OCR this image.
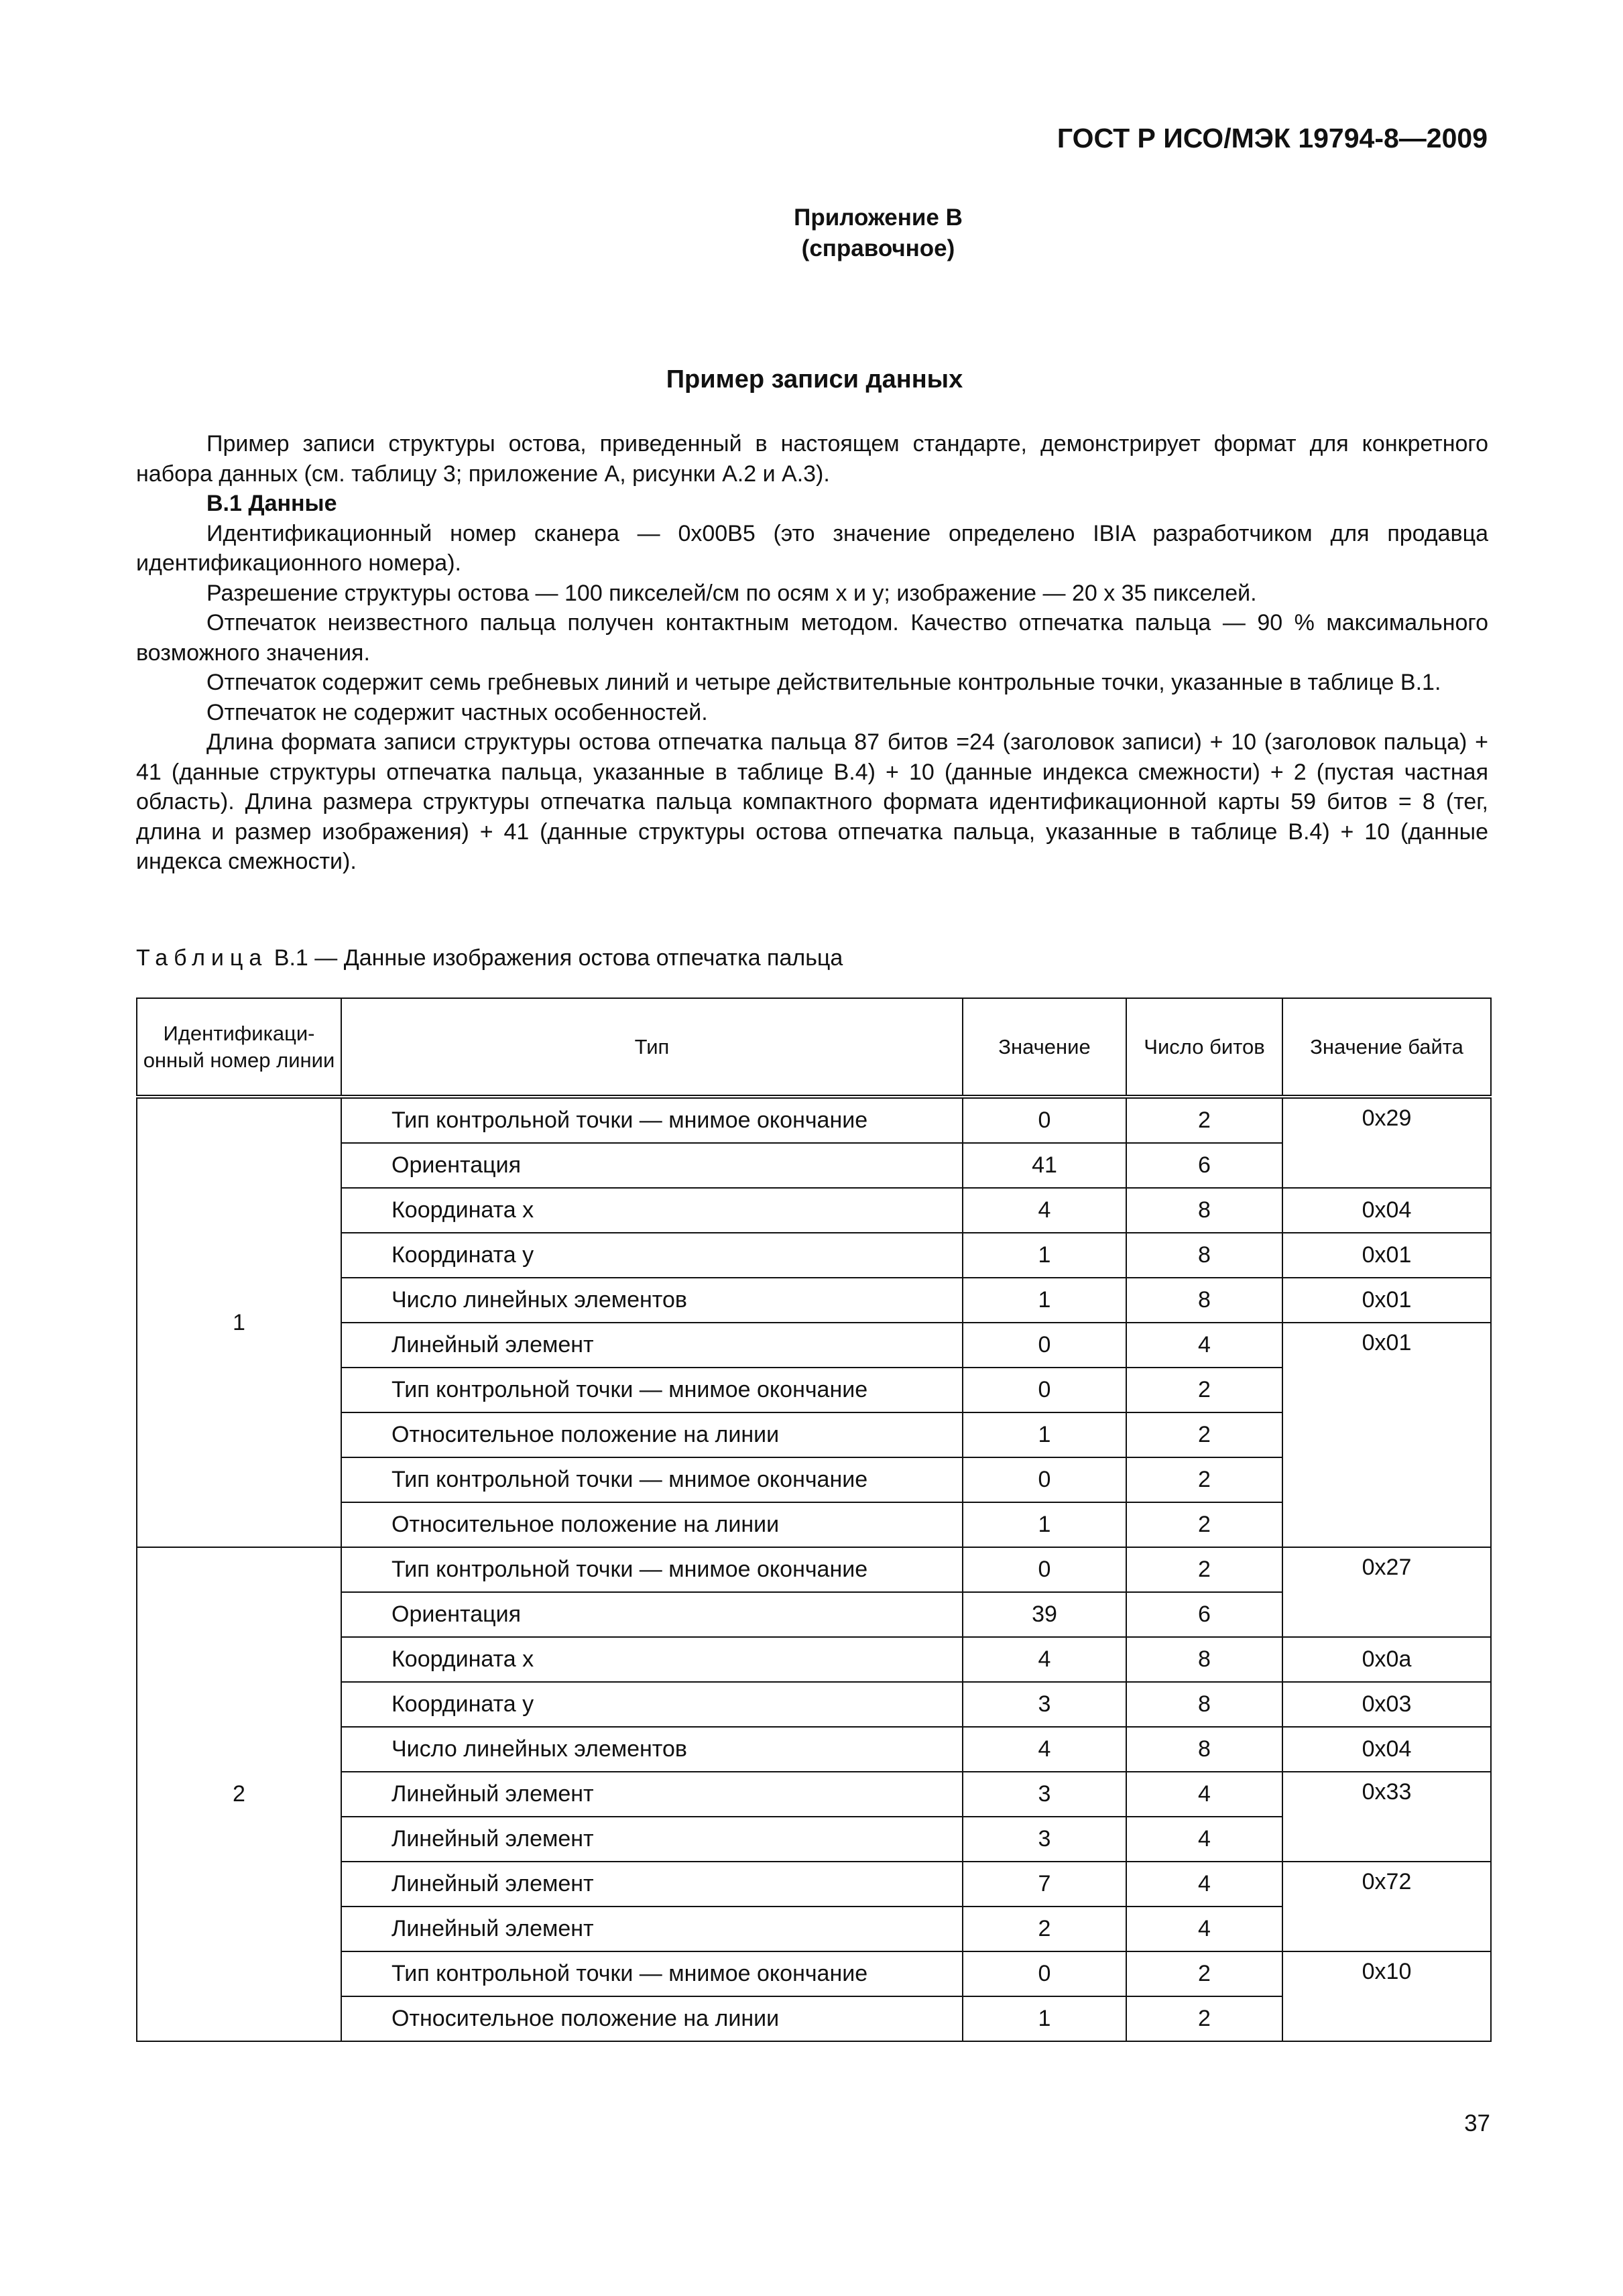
ГОСТ Р ИСО/МЭК 19794-8—2009
Приложение В
(справочное)
Пример записи данных

Пример записи структуры остова, приведенный в настоящем стандарте, демонстрирует формат для конкретного набора данных (см. таблицу 3; приложение А, рисунки А.2 и А.3).

В.1 Данные

Идентификационный номер сканера — 0x00B5 (это значение определено IBIA разработчиком для продавца идентификационного номера).

Разрешение структуры остова — 100 пикселей/см по осям x и y; изображение — 20 x 35 пикселей.

Отпечаток неизвестного пальца получен контактным методом. Качество отпечатка пальца — 90 % максимального возможного значения.

Отпечаток содержит семь гребневых линий и четыре действительные контрольные точки, указанные в таблице В.1.

Отпечаток не содержит частных особенностей.

Длина формата записи структуры остова отпечатка пальца 87 битов =24 (заголовок записи) + 10 (заголовок пальца) + 41 (данные структуры отпечатка пальца, указанные в таблице В.4) + 10 (данные индекса смежности) + 2 (пустая частная область). Длина размера структуры отпечатка пальца компактного формата идентификационной карты 59 битов = 8 (тег, длина и размер изображения) + 41 (данные структуры остова отпечатка пальца, указанные в таблице В.4) + 10 (данные индекса смежности).

Таблица В.1 — Данные изображения остова отпечатка пальца
Идентификаци-онный номер линии	Тип	Значение	Число битов	Значение байта
1	Тип контрольной точки — мнимое окончание	0	2	0x29
	Ориентация	41	6	
	Координата x	4	8	0x04
	Координата y	1	8	0x01
	Число линейных элементов	1	8	0x01
	Линейный элемент	0	4	0x01
	Тип контрольной точки — мнимое окончание	0	2	
	Относительное положение на линии	1	2	
	Тип контрольной точки — мнимое окончание	0	2	
	Относительное положение на линии	1	2	
2	Тип контрольной точки — мнимое окончание	0	2	0x27
	Ориентация	39	6	
	Координата x	4	8	0x0a
	Координата y	3	8	0x03
	Число линейных элементов	4	8	0x04
	Линейный элемент	3	4	0x33
	Линейный элемент	3	4	
	Линейный элемент	7	4	0x72
	Линейный элемент	2	4	
	Тип контрольной точки — мнимое окончание	0	2	0x10
	Относительное положение на линии	1	2	
37
